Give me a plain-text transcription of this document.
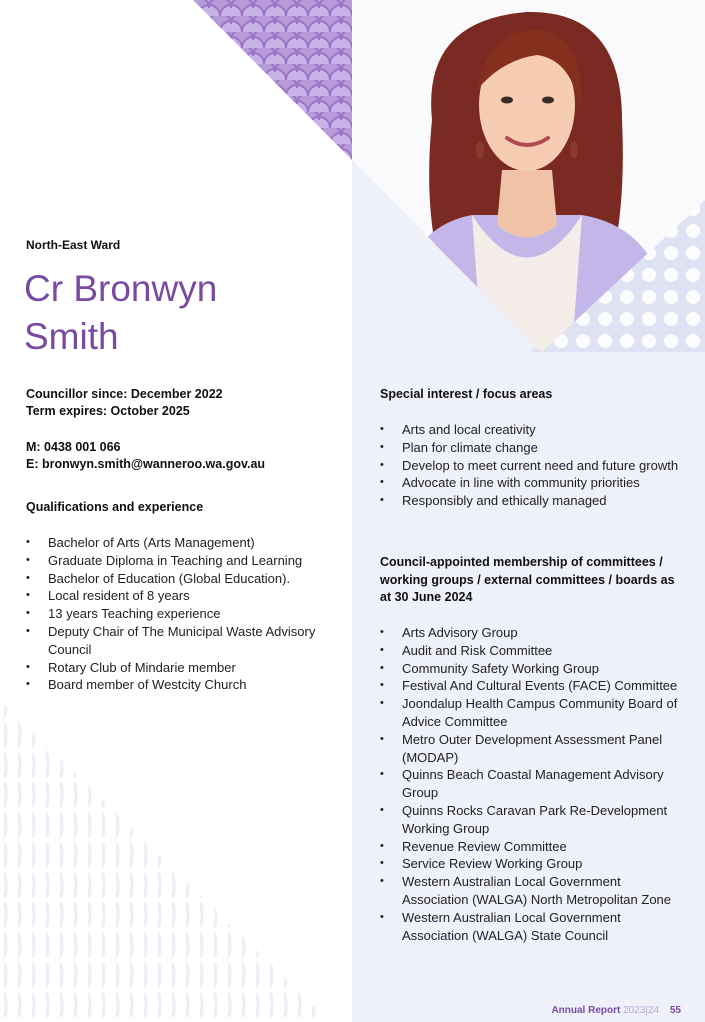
North-East Ward
Cr Bronwyn
Smith
Councillor since: December 2022
Term expires: October 2025
M: 0438 001 066
E: bronwyn.smith@wanneroo.wa.gov.au
Qualifications and experience
• Bachelor of Arts (Arts Management)
• Graduate Diploma in Teaching and Learning
• Bachelor of Education (Global Education).
• Local resident of 8 years
• 13 years Teaching experience
• Deputy Chair of The Municipal Waste Advisory Council
• Rotary Club of Mindarie member
• Board member of Westcity Church
Special interest / focus areas
• Arts and local creativity
• Plan for climate change
• Develop to meet current need and future growth
• Advocate in line with community priorities
• Responsibly and ethically managed
Council-appointed membership of committees / working groups / external committees / boards as at 30 June 2024
• Arts Advisory Group
• Audit and Risk Committee
• Community Safety Working Group
• Festival And Cultural Events (FACE) Committee
• Joondalup Health Campus Community Board of Advice Committee
• Metro Outer Development Assessment Panel (MODAP)
• Quinns Beach Coastal Management Advisory Group
• Quinns Rocks Caravan Park Re-Development Working Group
• Revenue Review Committee
• Service Review Working Group
• Western Australian Local Government Association (WALGA) North Metropolitan Zone
• Western Australian Local Government Association (WALGA) State Council
Annual Report 2023|24 55
